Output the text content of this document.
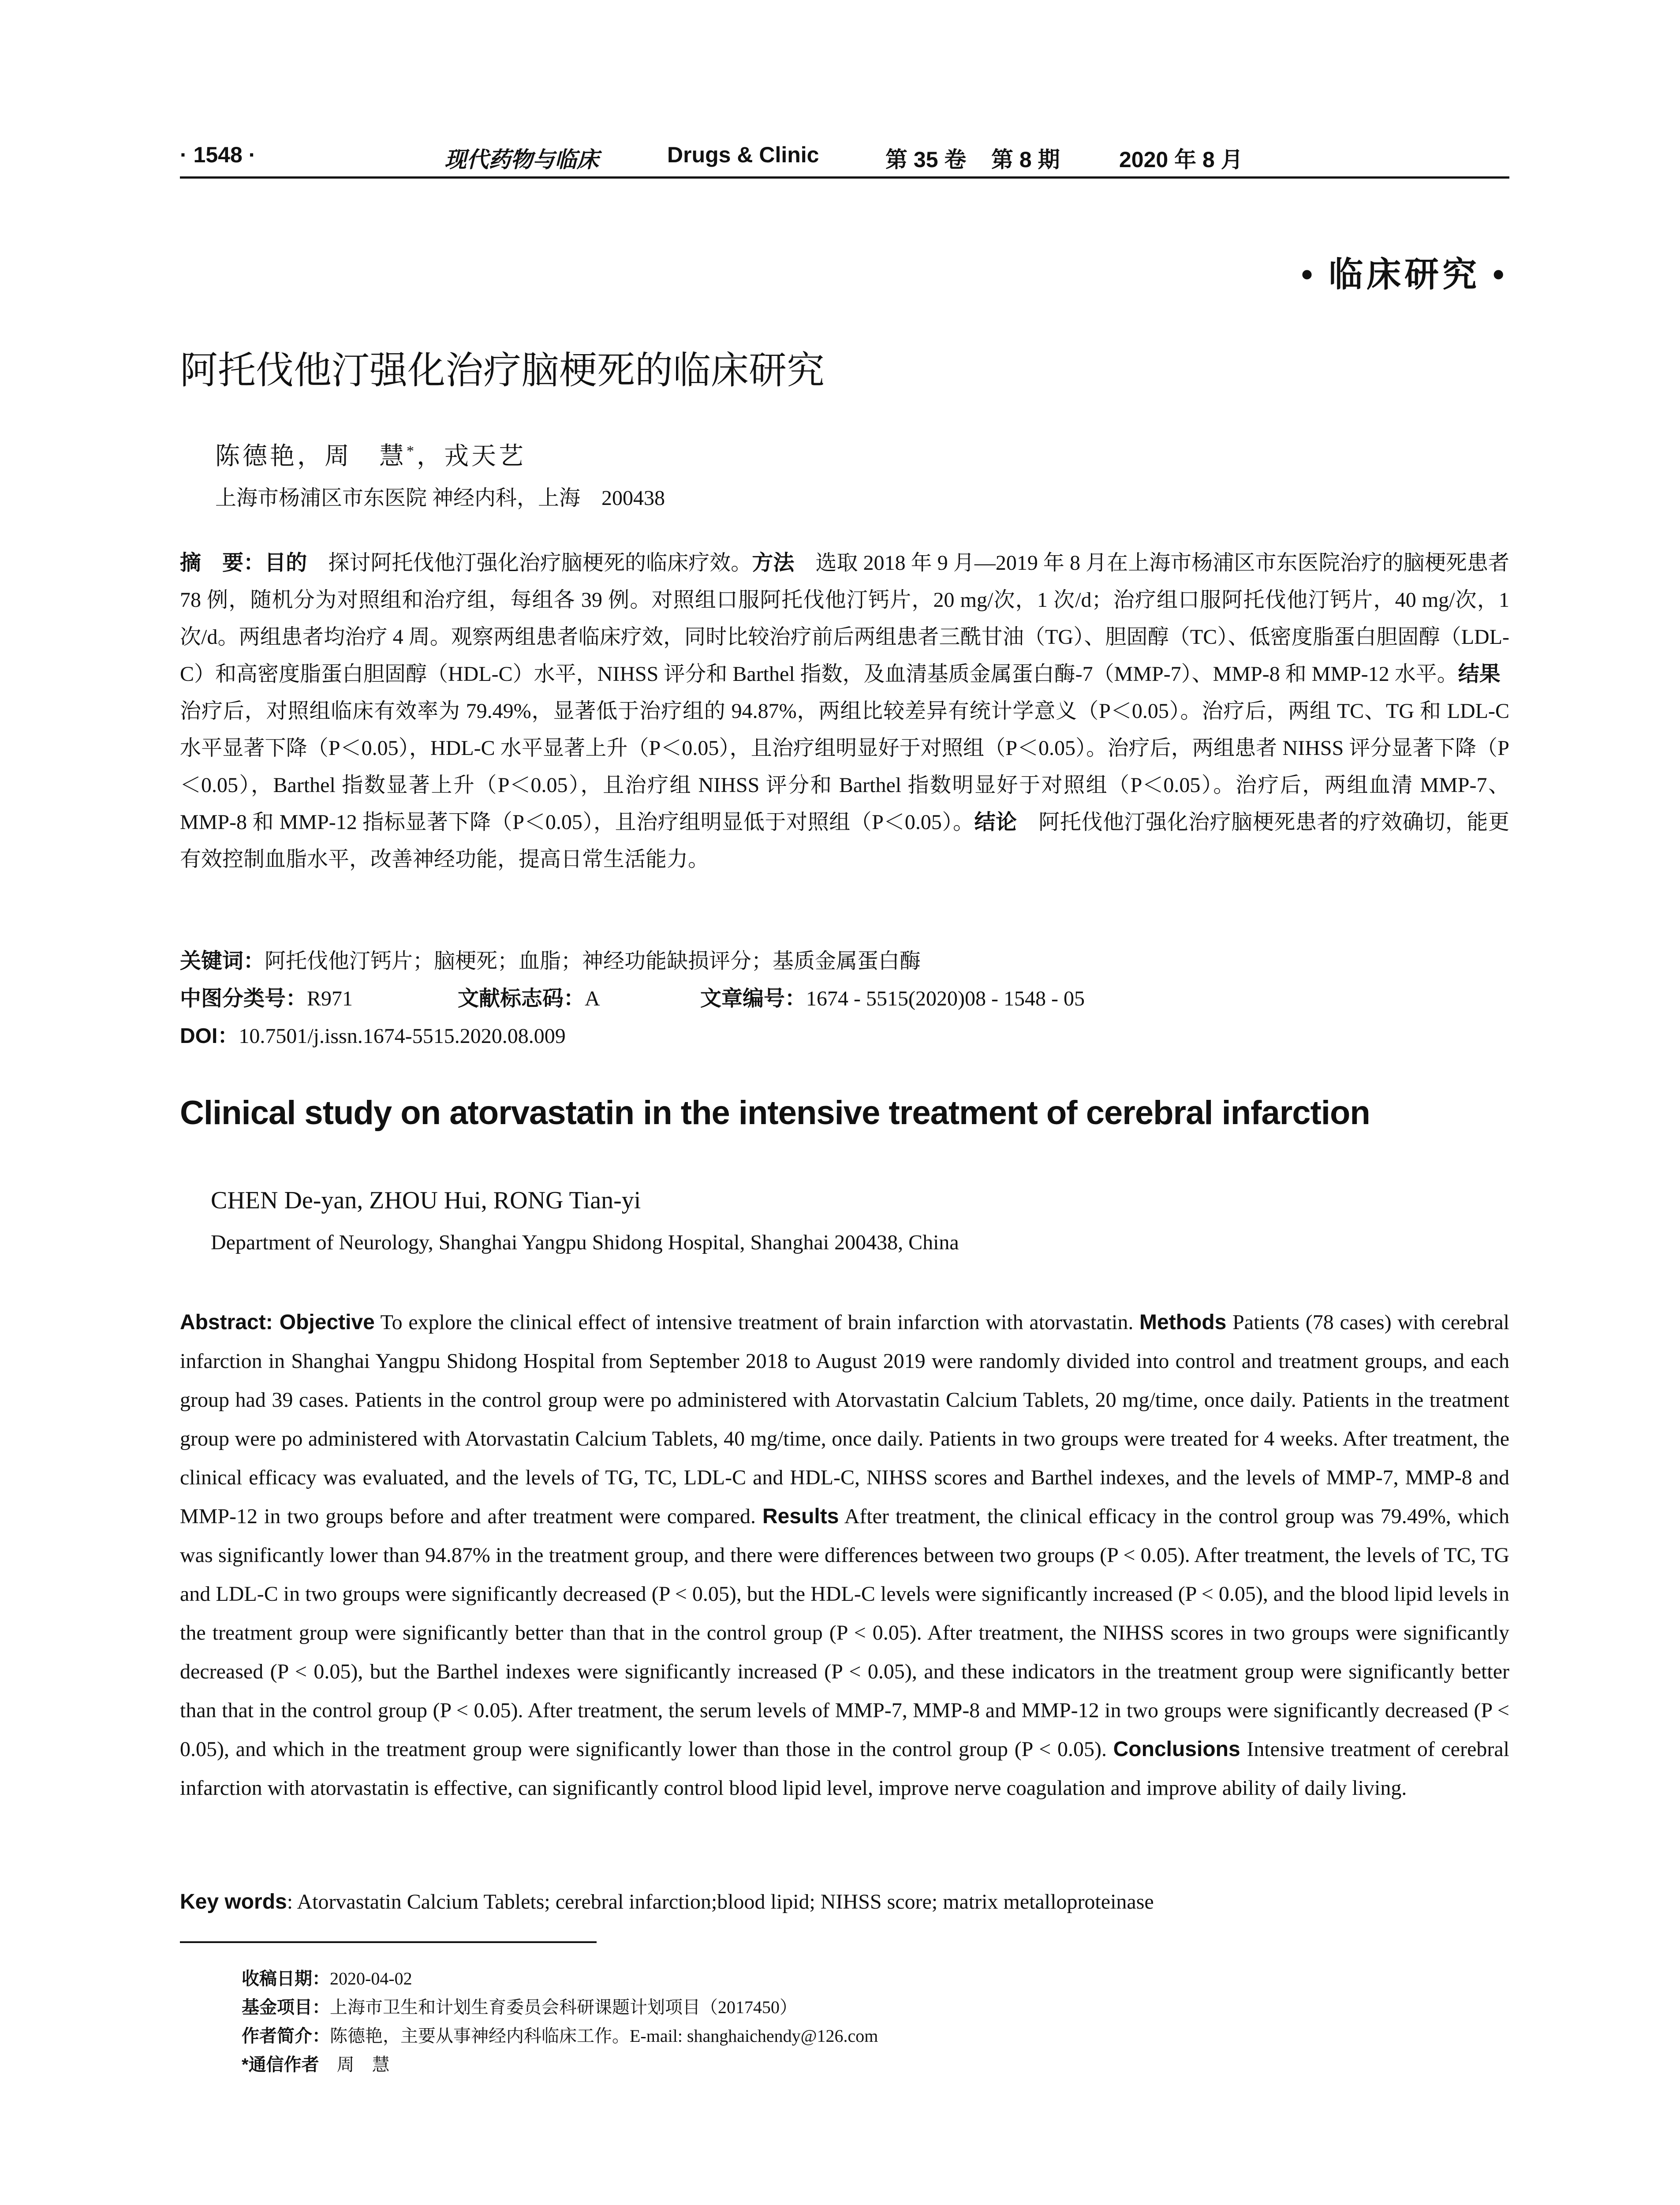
· 1548 ·	现代药物与临床	Drugs & Clinic	第 35 卷 第 8 期	2020 年 8 月
• 临床研究 •
阿托伐他汀强化治疗脑梗死的临床研究
陈德艳，周　慧*，戎天艺
上海市杨浦区市东医院 神经内科，上海　200438
摘　要：目的　探讨阿托伐他汀强化治疗脑梗死的临床疗效。方法　选取 2018 年 9 月—2019 年 8 月在上海市杨浦区市东医院治疗的脑梗死患者 78 例，随机分为对照组和治疗组，每组各 39 例。对照组口服阿托伐他汀钙片，20 mg/次，1 次/d；治疗组口服阿托伐他汀钙片，40 mg/次，1 次/d。两组患者均治疗 4 周。观察两组患者临床疗效，同时比较治疗前后两组患者三酰甘油（TG）、胆固醇（TC）、低密度脂蛋白胆固醇（LDL-C）和高密度脂蛋白胆固醇（HDL-C）水平，NIHSS 评分和 Barthel 指数，及血清基质金属蛋白酶-7（MMP-7）、MMP-8 和 MMP-12 水平。结果　治疗后，对照组临床有效率为 79.49%，显著低于治疗组的 94.87%，两组比较差异有统计学意义（P＜0.05）。治疗后，两组 TC、TG 和 LDL-C 水平显著下降（P＜0.05），HDL-C 水平显著上升（P＜0.05），且治疗组明显好于对照组（P＜0.05）。治疗后，两组患者 NIHSS 评分显著下降（P＜0.05），Barthel 指数显著上升（P＜0.05），且治疗组 NIHSS 评分和 Barthel 指数明显好于对照组（P＜0.05）。治疗后，两组血清 MMP-7、MMP-8 和 MMP-12 指标显著下降（P＜0.05），且治疗组明显低于对照组（P＜0.05）。结论　阿托伐他汀强化治疗脑梗死患者的疗效确切，能更有效控制血脂水平，改善神经功能，提高日常生活能力。
关键词：阿托伐他汀钙片；脑梗死；血脂；神经功能缺损评分；基质金属蛋白酶
中图分类号：R971	文献标志码：A	文章编号：1674 - 5515(2020)08 - 1548 - 05
DOI：10.7501/j.issn.1674-5515.2020.08.009
Clinical study on atorvastatin in the intensive treatment of cerebral infarction
CHEN De-yan, ZHOU Hui, RONG Tian-yi
Department of Neurology, Shanghai Yangpu Shidong Hospital, Shanghai 200438, China
Abstract: Objective To explore the clinical effect of intensive treatment of brain infarction with atorvastatin. Methods Patients (78 cases) with cerebral infarction in Shanghai Yangpu Shidong Hospital from September 2018 to August 2019 were randomly divided into control and treatment groups, and each group had 39 cases. Patients in the control group were po administered with Atorvastatin Calcium Tablets, 20 mg/time, once daily. Patients in the treatment group were po administered with Atorvastatin Calcium Tablets, 40 mg/time, once daily. Patients in two groups were treated for 4 weeks. After treatment, the clinical efficacy was evaluated, and the levels of TG, TC, LDL-C and HDL-C, NIHSS scores and Barthel indexes, and the levels of MMP-7, MMP-8 and MMP-12 in two groups before and after treatment were compared. Results After treatment, the clinical efficacy in the control group was 79.49%, which was significantly lower than 94.87% in the treatment group, and there were differences between two groups (P < 0.05). After treatment, the levels of TC, TG and LDL-C in two groups were significantly decreased (P < 0.05), but the HDL-C levels were significantly increased (P < 0.05), and the blood lipid levels in the treatment group were significantly better than that in the control group (P < 0.05). After treatment, the NIHSS scores in two groups were significantly decreased (P < 0.05), but the Barthel indexes were significantly increased (P < 0.05), and these indicators in the treatment group were significantly better than that in the control group (P < 0.05). After treatment, the serum levels of MMP-7, MMP-8 and MMP-12 in two groups were significantly decreased (P < 0.05), and which in the treatment group were significantly lower than those in the control group (P < 0.05). Conclusions Intensive treatment of cerebral infarction with atorvastatin is effective, can significantly control blood lipid level, improve nerve coagulation and improve ability of daily living.
Key words: Atorvastatin Calcium Tablets; cerebral infarction;blood lipid; NIHSS score; matrix metalloproteinase
收稿日期：2020-04-02
基金项目：上海市卫生和计划生育委员会科研课题计划项目（2017450）
作者简介：陈德艳，主要从事神经内科临床工作。E-mail: shanghaichendy@126.com
*通信作者　周　慧
